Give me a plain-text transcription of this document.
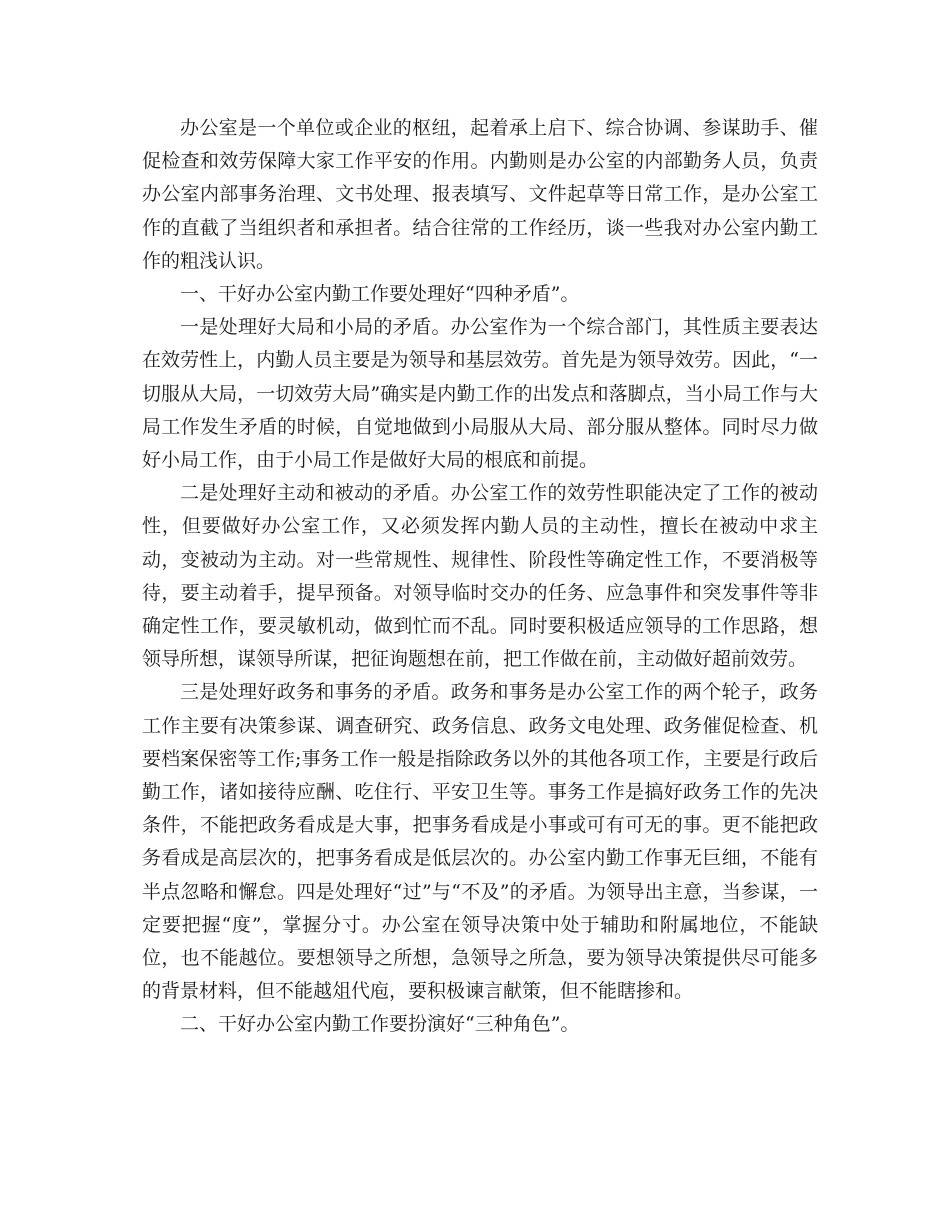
办公室是一个单位或企业的枢纽，起着承上启下、综合协调、参谋助手、催促检查和效劳保障大家工作平安的作用。内勤则是办公室的内部勤务人员，负责办公室内部事务治理、文书处理、报表填写、文件起草等日常工作，是办公室工作的直截了当组织者和承担者。结合往常的工作经历，谈一些我对办公室内勤工作的粗浅认识。

一、干好办公室内勤工作要处理好“四种矛盾”。

一是处理好大局和小局的矛盾。办公室作为一个综合部门，其性质主要表达在效劳性上，内勤人员主要是为领导和基层效劳。首先是为领导效劳。因此，“一切服从大局，一切效劳大局”确实是内勤工作的出发点和落脚点，当小局工作与大局工作发生矛盾的时候，自觉地做到小局服从大局、部分服从整体。同时尽力做好小局工作，由于小局工作是做好大局的根底和前提。

二是处理好主动和被动的矛盾。办公室工作的效劳性职能决定了工作的被动性，但要做好办公室工作，又必须发挥内勤人员的主动性，擅长在被动中求主动，变被动为主动。对一些常规性、规律性、阶段性等确定性工作，不要消极等待，要主动着手，提早预备。对领导临时交办的任务、应急事件和突发事件等非确定性工作，要灵敏机动，做到忙而不乱。同时要积极适应领导的工作思路，想领导所想，谋领导所谋，把征询题想在前，把工作做在前，主动做好超前效劳。

三是处理好政务和事务的矛盾。政务和事务是办公室工作的两个轮子，政务工作主要有决策参谋、调查研究、政务信息、政务文电处理、政务催促检查、机要档案保密等工作;事务工作一般是指除政务以外的其他各项工作，主要是行政后勤工作，诸如接待应酬、吃住行、平安卫生等。事务工作是搞好政务工作的先决条件，不能把政务看成是大事，把事务看成是小事或可有可无的事。更不能把政务看成是高层次的，把事务看成是低层次的。办公室内勤工作事无巨细，不能有半点忽略和懈怠。四是处理好“过”与“不及”的矛盾。为领导出主意，当参谋，一定要把握“度”，掌握分寸。办公室在领导决策中处于辅助和附属地位，不能缺位，也不能越位。要想领导之所想，急领导之所急，要为领导决策提供尽可能多的背景材料，但不能越俎代庖，要积极谏言献策，但不能瞎掺和。

二、干好办公室内勤工作要扮演好“三种角色”。
